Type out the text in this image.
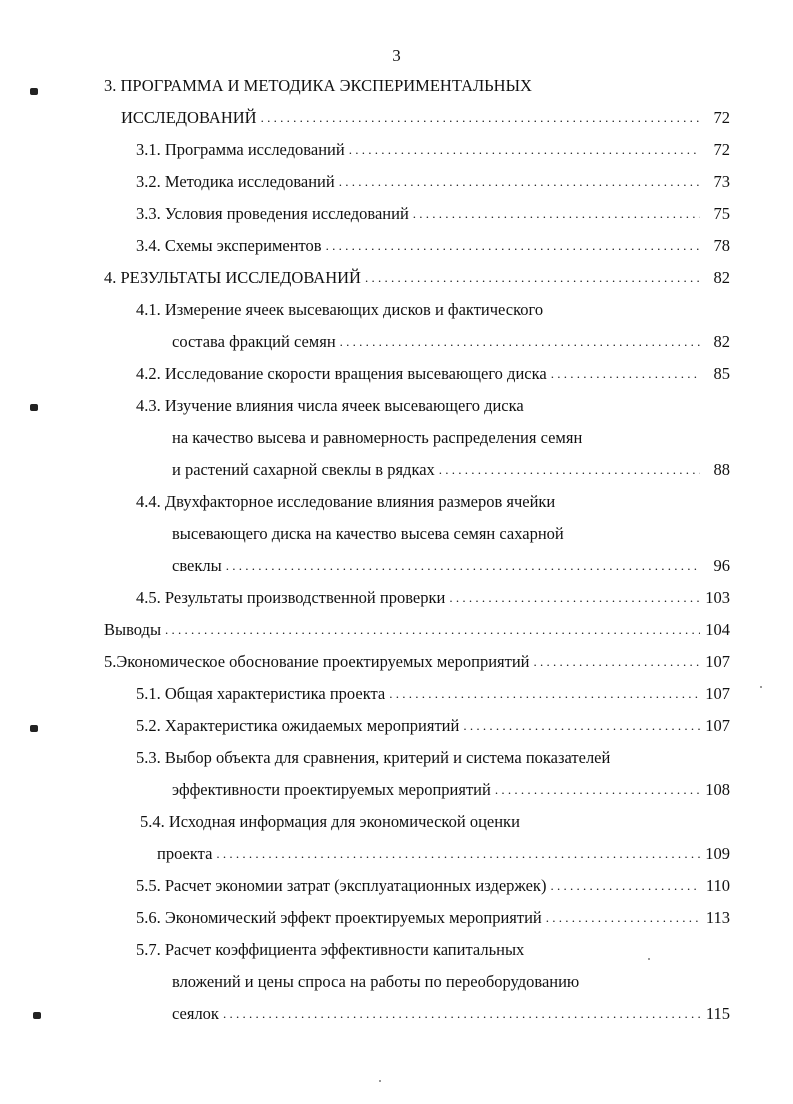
3
3. ПРОГРАММА И МЕТОДИКА ЭКСПЕРИМЕНТАЛЬНЫХ
ИССЛЕДОВАНИЙ . . .	72
3.1. Программа исследований . . .	72
3.2. Методика исследований . . .	73
3.3. Условия проведения исследований . . .	75
3.4. Схемы экспериментов . . .	78
4. РЕЗУЛЬТАТЫ ИССЛЕДОВАНИЙ . . .	82
4.1. Измерение ячеек высевающих дисков и фактического
состава фракций семян . . .	82
4.2. Исследование скорости вращения высевающего диска . . .	85
4.3. Изучение влияния числа ячеек высевающего диска
на качество высева и равномерность распределения семян
и растений сахарной свеклы в рядках . . .	88
4.4. Двухфакторное исследование влияния размеров ячейки
высевающего диска на качество высева семян сахарной
свеклы . . .	96
4.5. Результаты производственной проверки . . .	103
Выводы . . .	104
5.Экономическое обоснование проектируемых мероприятий . . .	107
5.1. Общая характеристика проекта . . .	107
5.2. Характеристика ожидаемых мероприятий . . .	107
5.3. Выбор объекта для сравнения, критерий и система показателей
эффективности проектируемых мероприятий . . .	108
5.4. Исходная информация для экономической оценки
проекта . . .	109
5.5. Расчет экономии затрат (эксплуатационных издержек) . . .	110
5.6. Экономический эффект проектируемых мероприятий . . .	113
5.7. Расчет коэффициента эффективности капитальных
вложений и цены спроса на работы по переоборудованию
сеялок . . .	115
